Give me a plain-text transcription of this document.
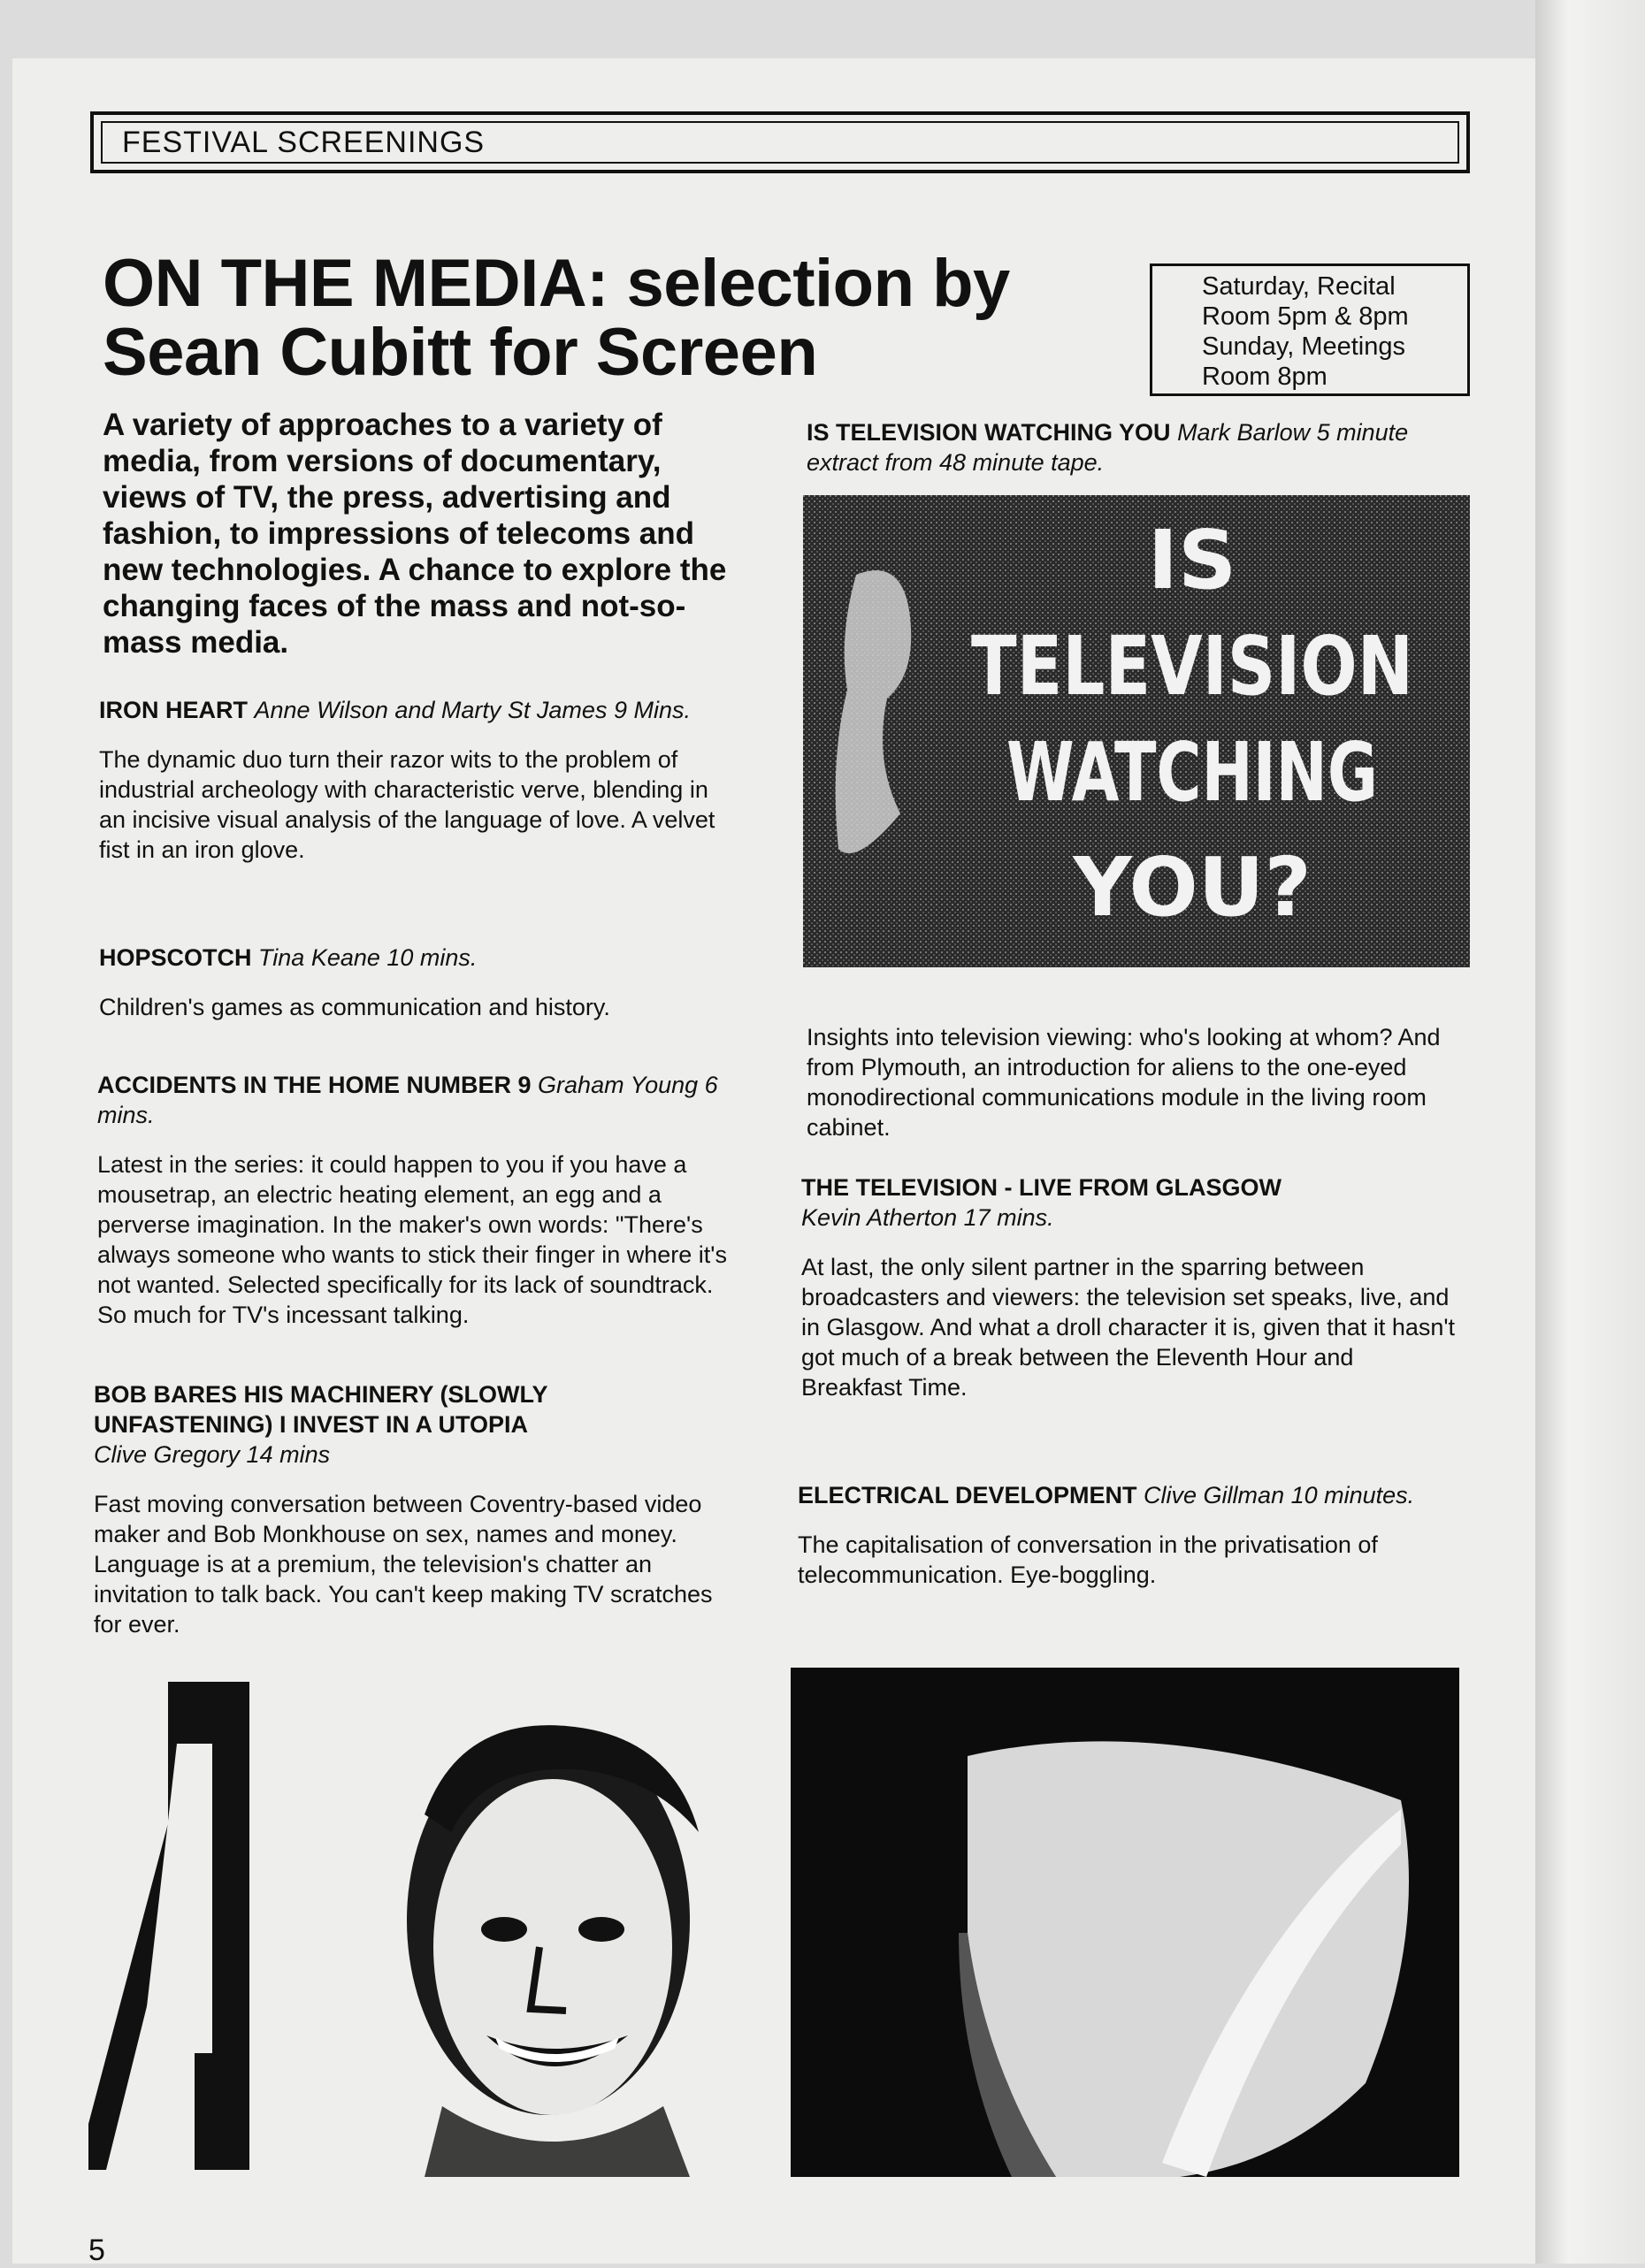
FESTIVAL SCREENINGS
ON THE MEDIA: selection by
Sean Cubitt for Screen
Saturday, Recital
Room 5pm & 8pm
Sunday, Meetings
Room 8pm
A variety of approaches to a variety of media, from versions of documentary, views of TV, the press, advertising and fashion, to impressions of telecoms and new technologies. A chance to explore the changing faces of the mass and not-so-mass media.
IRON HEART Anne Wilson and Marty St James 9 Mins.
The dynamic duo turn their razor wits to the problem of industrial archeology with characteristic verve, blending in an incisive visual analysis of the language of love. A velvet fist in an iron glove.
HOPSCOTCH Tina Keane 10 mins.
Children's games as communication and history.
ACCIDENTS IN THE HOME NUMBER 9 Graham Young 6 mins.
Latest in the series: it could happen to you if you have a mousetrap, an electric heating element, an egg and a perverse imagination. In the maker's own words: "There's always someone who wants to stick their finger in where it's not wanted. Selected specifically for its lack of soundtrack. So much for TV's incessant talking.
BOB BARES HIS MACHINERY (SLOWLY UNFASTENING) I INVEST IN A UTOPIA
Clive Gregory 14 mins
Fast moving conversation between Coventry-based video maker and Bob Monkhouse on sex, names and money. Language is at a premium, the television's chatter an invitation to talk back. You can't keep making TV scratches for ever.
IS TELEVISION WATCHING YOU Mark Barlow 5 minute extract from 48 minute tape.
IS
TELEVISION
WATCHING
YOU?
Insights into television viewing: who's looking at whom? And from Plymouth, an introduction for aliens to the one-eyed monodirectional communications module in the living room cabinet.
THE TELEVISION - LIVE FROM GLASGOW
Kevin Atherton 17 mins.
At last, the only silent partner in the sparring between broadcasters and viewers: the television set speaks, live, and in Glasgow. And what a droll character it is, given that it hasn't got much of a break between the Eleventh Hour and Breakfast Time.
ELECTRICAL DEVELOPMENT Clive Gillman 10 minutes.
The capitalisation of conversation in the privatisation of telecommunication. Eye-boggling.
5
